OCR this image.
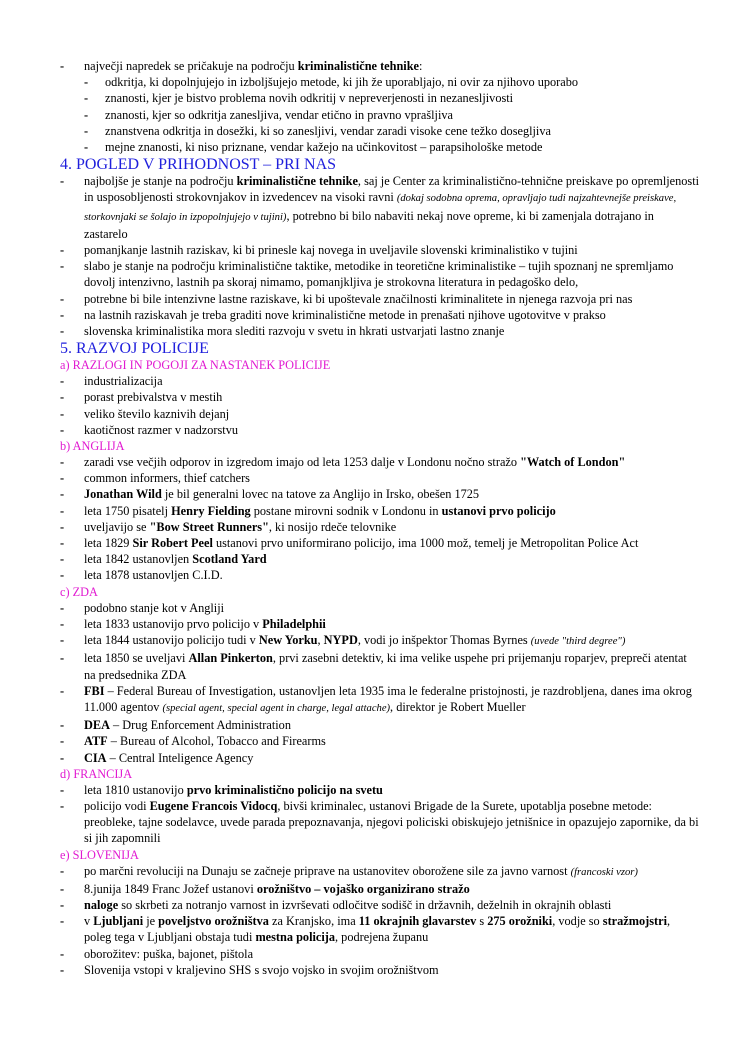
- največji napredek se pričakuje na področju kriminalistične tehnike:
- odkritja, ki dopolnjujejo in izboljšujejo metode, ki jih že uporabljajo, ni ovir za njihovo uporabo
- znanosti, kjer je bistvo problema novih odkritij v nepreverjenosti in nezanesljivosti
- znanosti, kjer so odkritja zanesljiva, vendar etično in pravno vprašljiva
- znanstvena odkritja in dosežki, ki so zanesljivi, vendar zaradi visoke cene težko dosegljiva
- mejne znanosti, ki niso priznane, vendar kažejo na učinkovitost – parapsihološke metode
4. POGLED V PRIHODNOST – PRI NAS
- najboljše je stanje na področju kriminalistične tehnike, saj je Center za kriminalistično-tehnične preiskave po opremljenosti in usposobljenosti strokovnjakov in izvedencev na visoki ravni (dokaj sodobna oprema, opravljajo tudi najzahtevnejše preiskave, storkovnjaki se šolajo in izpopolnjujejo v tujini), potrebno bi bilo nabaviti nekaj nove opreme, ki bi zamenjala dotrajano in zastarelo
- pomanjkanje lastnih raziskav, ki bi prinesle kaj novega in uveljavile slovenski kriminalistiko v tujini
- slabo je stanje na področju kriminalistične taktike, metodike in teoretične kriminalistike – tujih spoznanj ne spremljamo dovolj intenzivno, lastnih pa skoraj nimamo, pomanjkljiva je strokovna literatura in pedagoško delo,
- potrebne bi bile intenzivne lastne raziskave, ki bi upoštevale značilnosti kriminalitete in njenega razvoja pri nas
- na lastnih raziskavah je treba graditi nove kriminalistične metode in prenašati njihove ugotovitve v prakso
- slovenska kriminalistika mora slediti razvoju v svetu in hkrati ustvarjati lastno znanje
5. RAZVOJ POLICIJE
a) RAZLOGI IN POGOJI ZA NASTANEK POLICIJE
- industrializacija
- porast prebivalstva v mestih
- veliko število kaznivih dejanj
- kaotičnost razmer v nadzorstvu
b) ANGLIJA
- zaradi vse večjih odporov in izgredom imajo od leta 1253 dalje v Londonu nočno stražo "Watch of London"
- common informers, thief catchers
- Jonathan Wild je bil generalni lovec na tatove za Anglijo in Irsko, obešen 1725
- leta 1750 pisatelj Henry Fielding postane mirovni sodnik v Londonu in ustanovi prvo policijo
- uveljavijo se "Bow Street Runners", ki nosijo rdeče telovnike
- leta 1829 Sir Robert Peel ustanovi prvo uniformirano policijo, ima 1000 mož, temelj je Metropolitan Police Act
- leta 1842 ustanovljen Scotland Yard
- leta 1878 ustanovljen C.I.D.
c) ZDA
- podobno stanje kot v Angliji
- leta 1833 ustanovijo prvo policijo v Philadelphii
- leta 1844 ustanovijo policijo tudi v New Yorku, NYPD, vodi jo inšpektor Thomas Byrnes (uvede "third degree")
- leta 1850 se uveljavi Allan Pinkerton, prvi zasebni detektiv, ki ima velike uspehe pri prijemanju roparjev, prepreči atentat na predsednika ZDA
- FBI – Federal Bureau of Investigation, ustanovljen leta 1935 ima le federalne pristojnosti, je razdrobljena, danes ima okrog 11.000 agentov (special agent, special agent in charge, legal attache), direktor je Robert Mueller
- DEA – Drug Enforcement Administration
- ATF – Bureau of Alcohol, Tobacco and Firearms
- CIA – Central Inteligence Agency
d) FRANCIJA
- leta 1810 ustanovijo prvo kriminalistično policijo na svetu
- policijo vodi Eugene Francois Vidocq, bivši kriminalec, ustanovi Brigade de la Surete, upotablja posebne metode: preobleke, tajne sodelavce, uvede parada prepoznavanja, njegovi policiski obiskujejo jetnišnice in opazujejo zapornike, da bi si jih zapomnili
e) SLOVENIJA
- po marčni revoluciji na Dunaju se začneje priprave na ustanovitev oborožene sile za javno varnost (francoski vzor)
- 8.junija 1849 Franc Jožef ustanovi orožništvo – vojaško organizirano stražo
- naloge so skrbeti za notranjo varnost in izvrševati odločitve sodišč in državnih, deželnih in okrajnih oblasti
- v Ljubljani je poveljstvo orožništva za Kranjsko, ima 11 okrajnih glavarstev s 275 orožniki, vodje so stražmojstri, poleg tega v Ljubljani obstaja tudi mestna policija, podrejena županu
- oborožitev: puška, bajonet, pištola
- Slovenija vstopi v kraljevino SHS s svojo vojsko in svojim orožništvom
